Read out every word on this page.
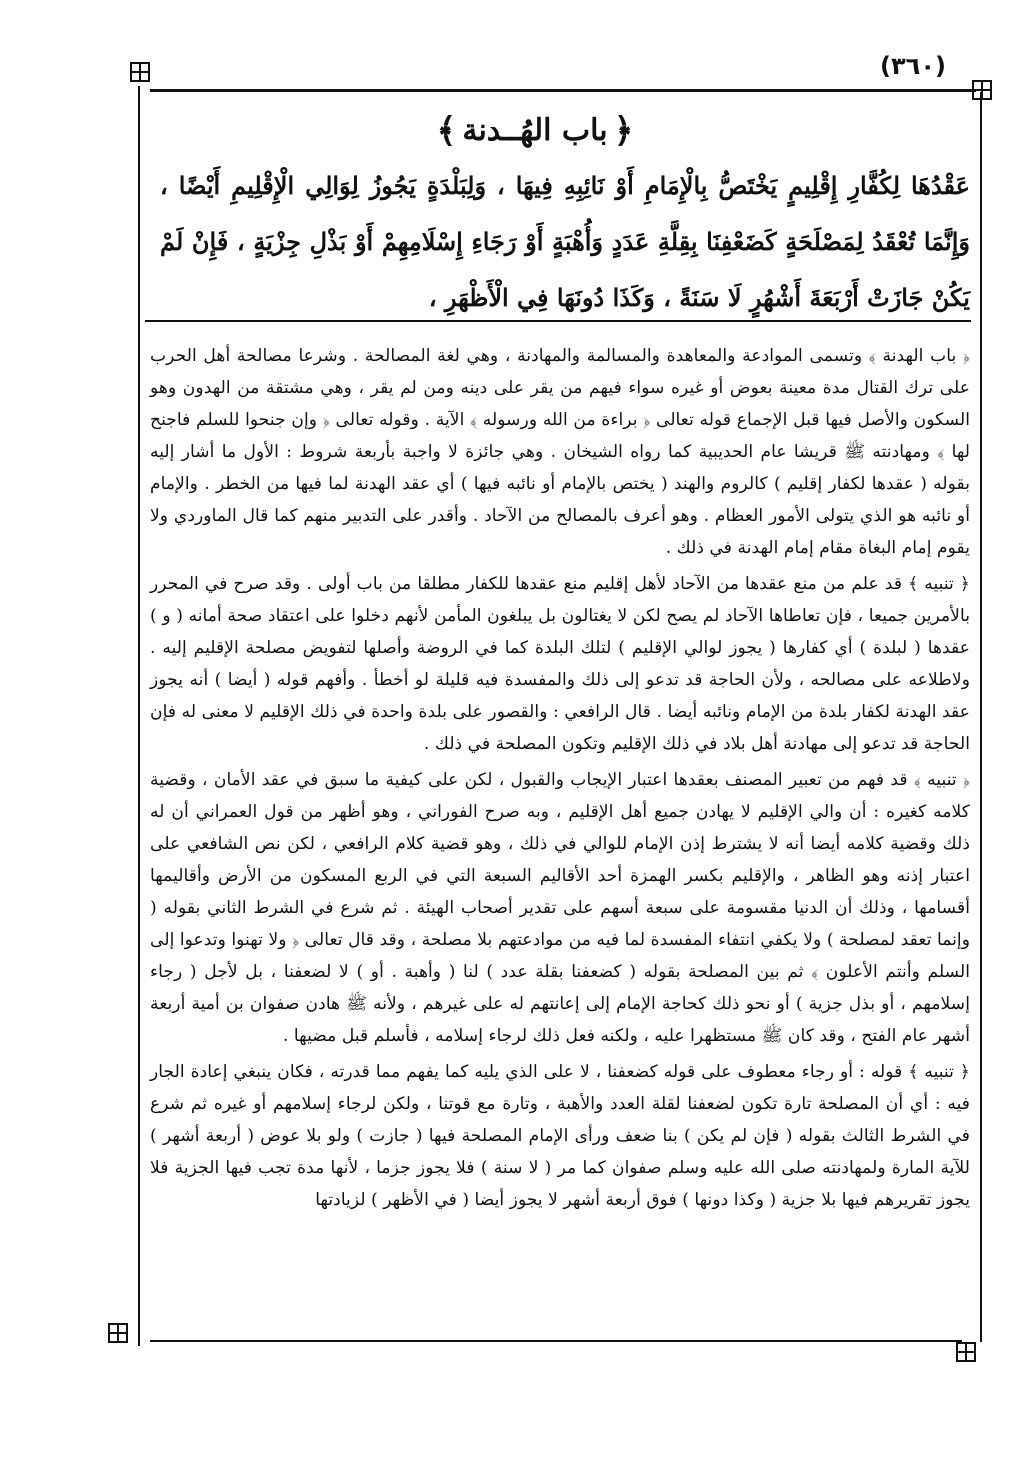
(٣٦٠)
﴿باب الهُــدنة﴾
عَقْدُهَا لِكُفَّارِ إِقْلِيمٍ يَخْتَصُّ بِالْإِمَامِ أَوْ نَائِبِهِ فِيهَا ، وَلِبَلْدَةٍ يَجُوزُ لِوَالِي الْإِقْلِيمِ أَيْضًا ، وَإِنَّمَا تُعْقَدُ لِمَصْلَحَةٍ كَضَعْفِنَا بِقِلَّةِ عَدَدٍ وَأُهْبَةٍ أَوْ رَجَاءِ إِسْلَامِهِمْ أَوْ بَذْلِ جِزْيَةٍ ، فَإِنْ لَمْ يَكُنْ جَازَتْ أَرْبَعَةَ أَشْهُرٍ لَا سَنَةً ، وَكَذَا دُونَهَا فِي الْأَظْهَرِ ،

﴿ باب الهدنة ﴾ وتسمى الموادعة والمعاهدة والمسالمة والمهادنة ، وهي لغة المصالحة . وشرعا مصالحة أهل الحرب على ترك القتال مدة معينة بعوض أو غيره سواء فيهم من يقر على دينه ومن لم يقر ، وهي مشتقة من الهدون وهو السكون والأصل فيها قبل الإجماع قوله تعالى ﴿ براءة من الله ورسوله ﴾ الآية . وقوله تعالى ﴿ وإن جنحوا للسلم فاجنح لها ﴾ ومهادنته ﷺ قريشا عام الحديبية كما رواه الشيخان . وهي جائزة لا واجبة بأربعة شروط : الأول ما أشار إليه بقوله ( عقدها لكفار إقليم ) كالروم والهند ( يختص بالإمام أو نائبه فيها ) أي عقد الهدنة لما فيها من الخطر . والإمام أو نائبه هو الذي يتولى الأمور العظام . وهو أعرف بالمصالح من الآحاد . وأقدر على التدبير منهم كما قال الماوردي ولا يقوم إمام البغاة مقام إمام الهدنة في ذلك .

﴿ تنبيه ﴾ قد علم من منع عقدها من الآحاد لأهل إقليم منع عقدها للكفار مطلقا من باب أولى . وقد صرح في المحرر بالأمرين جميعا ، فإن تعاطاها الآحاد لم يصح لكن لا يغتالون بل يبلغون المأمن لأنهم دخلوا على اعتقاد صحة أمانه ( و ) عقدها ( لبلدة ) أي كفارها ( يجوز لوالي الإقليم ) لتلك البلدة كما في الروضة وأصلها لتفويض مصلحة الإقليم إليه . ولاطلاعه على مصالحه ، ولأن الحاجة قد تدعو إلى ذلك والمفسدة فيه قليلة لو أخطأ . وأفهم قوله ( أيضا ) أنه يجوز عقد الهدنة لكفار بلدة من الإمام ونائبه أيضا . قال الرافعي : والقصور على بلدة واحدة في ذلك الإقليم لا معنى له فإن الحاجة قد تدعو إلى مهادنة أهل بلاد في ذلك الإقليم وتكون المصلحة في ذلك .

﴿ تنبيه ﴾ قد فهم من تعبير المصنف بعقدها اعتبار الإيجاب والقبول ، لكن على كيفية ما سبق في عقد الأمان ، وقضية كلامه كغيره : أن والي الإقليم لا يهادن جميع أهل الإقليم ، وبه صرح الفوراني ، وهو أظهر من قول العمراني أن له ذلك وقضية كلامه أيضا أنه لا يشترط إذن الإمام للوالي في ذلك ، وهو قضية كلام الرافعي ، لكن نص الشافعي على اعتبار إذنه وهو الظاهر ، والإقليم بكسر الهمزة أحد الأقاليم السبعة التي في الربع المسكون من الأرض وأقاليمها أقسامها ، وذلك أن الدنيا مقسومة على سبعة أسهم على تقدير أصحاب الهيئة . ثم شرع في الشرط الثاني بقوله ( وإنما تعقد لمصلحة ) ولا يكفي انتفاء المفسدة لما فيه من موادعتهم بلا مصلحة ، وقد قال تعالى ﴿ ولا تهنوا وتدعوا إلى السلم وأنتم الأعلون ﴾ ثم بين المصلحة بقوله ( كضعفنا بقلة عدد ) لنا ( وأهبة . أو ) لا لضعفنا ، بل لأجل ( رجاء إسلامهم ، أو بذل جزية ) أو نحو ذلك كحاجة الإمام إلى إعانتهم له على غيرهم ، ولأنه ﷺ هادن صفوان بن أمية أربعة أشهر عام الفتح ، وقد كان ﷺ مستظهرا عليه ، ولكنه فعل ذلك لرجاء إسلامه ، فأسلم قبل مضيها .

﴿ تنبيه ﴾ قوله : أو رجاء معطوف على قوله كضعفنا ، لا على الذي يليه كما يفهم مما قدرته ، فكان ينبغي إعادة الجار فيه : أي أن المصلحة تارة تكون لضعفنا لقلة العدد والأهبة ، وتارة مع قوتنا ، ولكن لرجاء إسلامهم أو غيره ثم شرع في الشرط الثالث بقوله ( فإن لم يكن ) بنا ضعف ورأى الإمام المصلحة فيها ( جازت ) ولو بلا عوض ( أربعة أشهر ) للآية المارة ولمهادنته صلى الله عليه وسلم صفوان كما مر ( لا سنة ) فلا يجوز جزما ، لأنها مدة تجب فيها الجزية فلا يجوز تقريرهم فيها بلا جزية ( وكذا دونها ) فوق أربعة أشهر لا يجوز أيضا ( في الأظهر ) لزيادتها
